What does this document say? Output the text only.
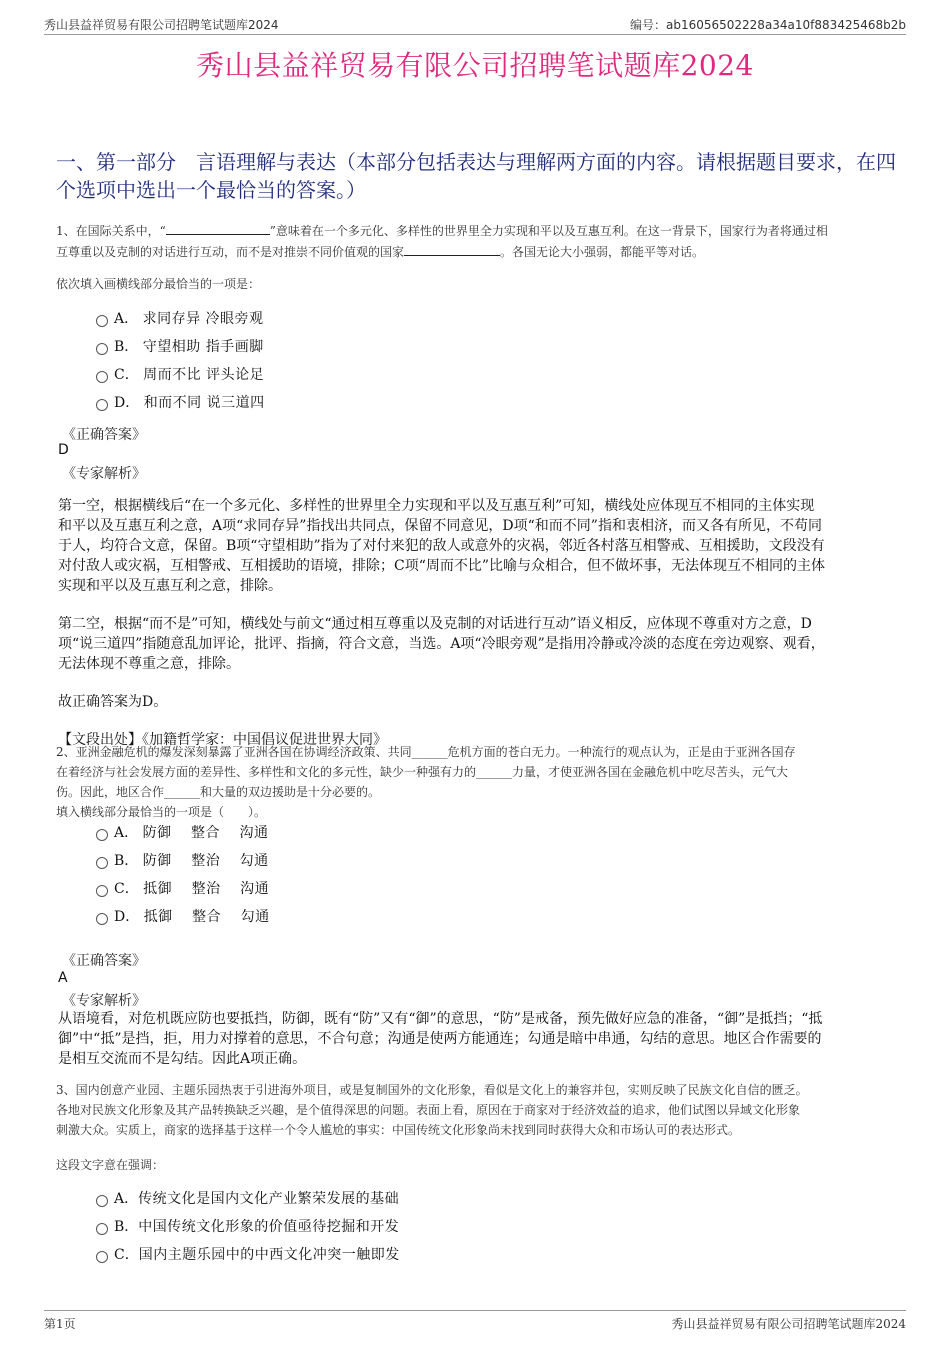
秀山县益祥贸易有限公司招聘笔试题库2024	编号：ab16056502228a34a10f883425468b2b
秀山县益祥贸易有限公司招聘笔试题库2024
一、第一部分　言语理解与表达（本部分包括表达与理解两方面的内容。请根据题目要求，在四个选项中选出一个最恰当的答案。）
1、在国际关系中，“	”意味着在一个多元化、多样性的世界里全力实现和平以及互惠互利。在这一背景下，国家行为者将通过相
互尊重以及克制的对话进行互动，而不是对推崇不同价值观的国家	。各国无论大小强弱，都能平等对话。
依次填入画横线部分最恰当的一项是：
A． 求同存异 冷眼旁观
B． 守望相助 指手画脚
C． 周而不比 评头论足
D． 和而不同 说三道四
《正确答案》
D
《专家解析》
第一空，根据横线后“在一个多元化、多样性的世界里全力实现和平以及互惠互利”可知，横线处应体现互不相同的主体实现
和平以及互惠互利之意，A项“求同存异”指找出共同点，保留不同意见，D项“和而不同”指和衷相济，而又各有所见，不苟同
于人，均符合文意，保留。B项“守望相助”指为了对付来犯的敌人或意外的灾祸，邻近各村落互相警戒、互相援助，文段没有
对付敌人或灾祸，互相警戒、互相援助的语境，排除；C项“周而不比”比喻与众相合，但不做坏事，无法体现互不相同的主体
实现和平以及互惠互利之意，排除。
第二空，根据“而不是”可知，横线处与前文“通过相互尊重以及克制的对话进行互动”语义相反，应体现不尊重对方之意，D
项“说三道四”指随意乱加评论，批评、指摘，符合文意，当选。A项“冷眼旁观”是指用冷静或冷淡的态度在旁边观察、观看，
无法体现不尊重之意，排除。
故正确答案为D。
【文段出处】《加籍哲学家：中国倡议促进世界大同》
2、亚洲金融危机的爆发深刻暴露了亚洲各国在协调经济政策、共同______危机方面的苍白无力。一种流行的观点认为，正是由于亚洲各国存
在着经济与社会发展方面的差异性、多样性和文化的多元性，缺少一种强有力的______力量，才使亚洲各国在金融危机中吃尽苦头，元气大
伤。因此，地区合作______和大量的双边援助是十分必要的。
填入横线部分最恰当的一项是（　　）。
A． 防御　 整合　 沟通
B． 防御　 整治　 勾通
C． 抵御　 整治　 沟通
D． 抵御　 整合　 勾通
《正确答案》
A
《专家解析》
从语境看，对危机既应防也要抵挡，防御，既有“防”又有“御”的意思，“防”是戒备，预先做好应急的准备，“御”是抵挡；“抵
御”中“抵”是挡，拒，用力对撑着的意思，不合句意；沟通是使两方能通连；勾通是暗中串通，勾结的意思。地区合作需要的
是相互交流而不是勾结。因此A项正确。
3、国内创意产业园、主题乐园热衷于引进海外项目，或是复制国外的文化形象，看似是文化上的兼容并包，实则反映了民族文化自信的匮乏。
各地对民族文化形象及其产品转换缺乏兴趣，是个值得深思的问题。表面上看，原因在于商家对于经济效益的追求，他们试图以异域文化形象
刺激大众。实质上，商家的选择基于这样一个令人尴尬的事实：中国传统文化形象尚未找到同时获得大众和市场认可的表达形式。
这段文字意在强调：
A．传统文化是国内文化产业繁荣发展的基础
B．中国传统文化形象的价值亟待挖掘和开发
C．国内主题乐园中的中西文化冲突一触即发
第1页	秀山县益祥贸易有限公司招聘笔试题库2024
